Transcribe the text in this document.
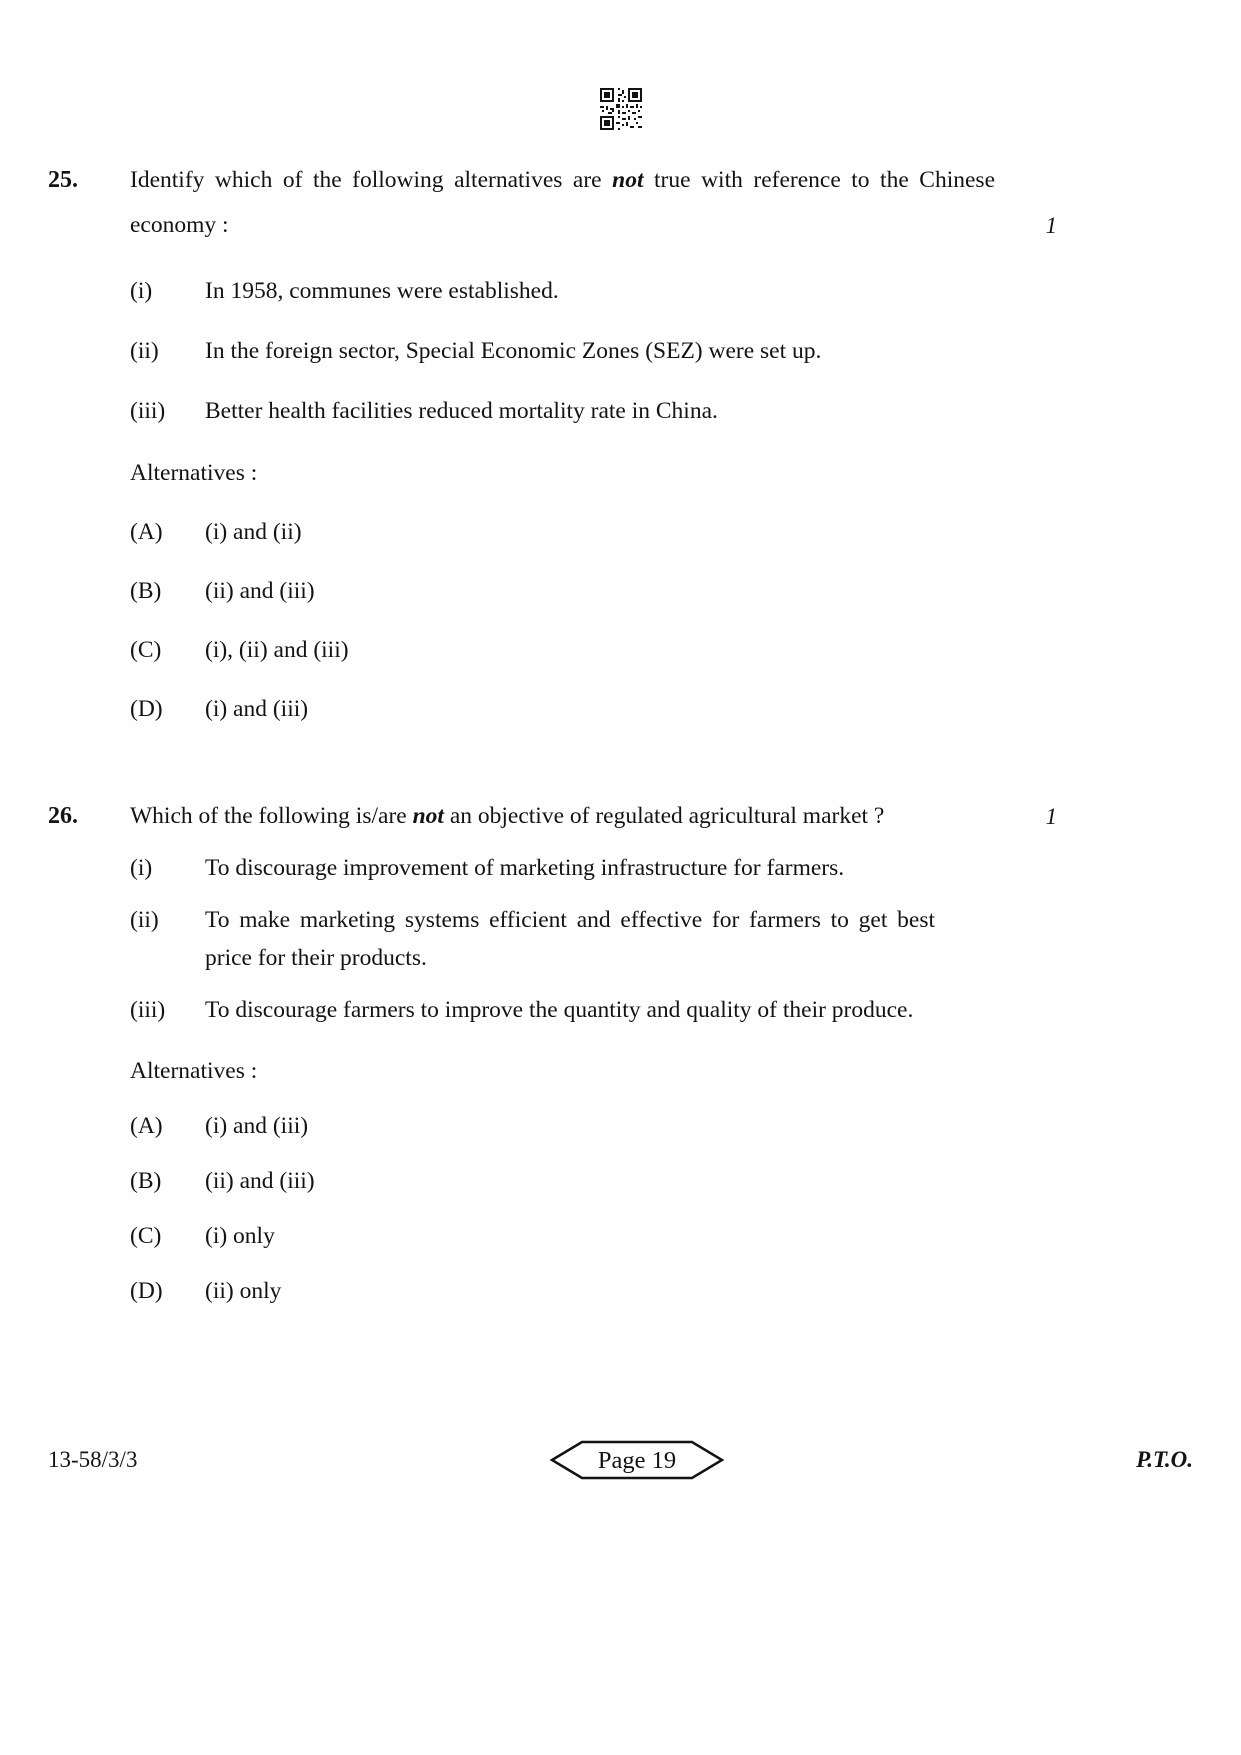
25.	Identify which of the following alternatives are not true with reference to the Chinese economy :	1
(i)	In 1958, communes were established.

(ii)	In the foreign sector, Special Economic Zones (SEZ) were set up.

(iii)	Better health facilities reduced mortality rate in China.

Alternatives :

(A)	(i) and (ii)

(B)	(ii) and (iii)

(C)	(i), (ii) and (iii)

(D)	(i) and (iii)

26.	Which of the following is/are not an objective of regulated agricultural market ?	1
(i)	To discourage improvement of marketing infrastructure for farmers.

(ii)	To make marketing systems efficient and effective for farmers to get best price for their products.

(iii)	To discourage farmers to improve the quantity and quality of their produce.

Alternatives :

(A)	(i) and (iii)

(B)	(ii) and (iii)

(C)	(i) only

(D)	(ii) only

13-58/3/3	Page 19	P.T.O.
